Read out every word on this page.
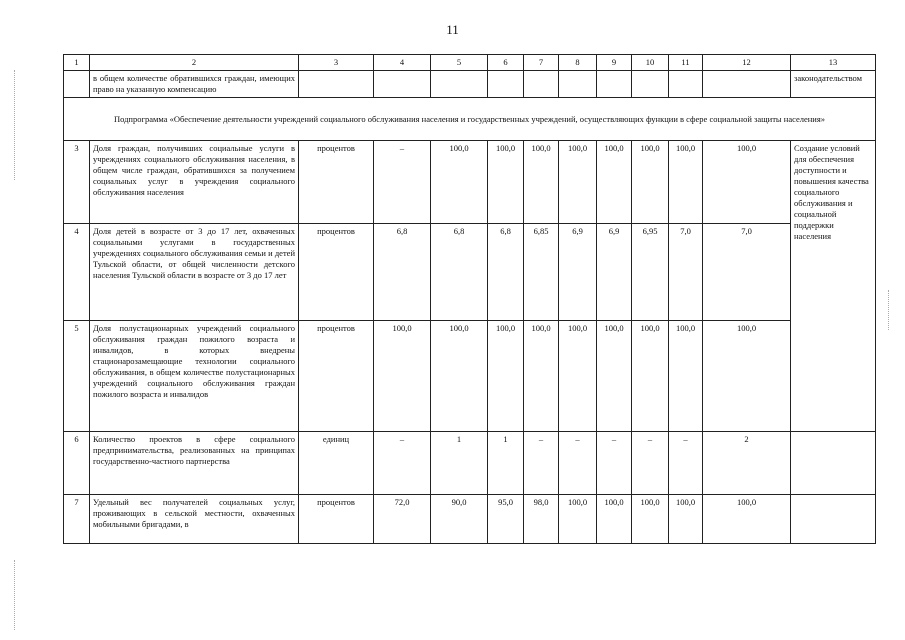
11
1	2	3	4	5	6	7	8	9	10	11	12	13
	в общем количестве обратившихся граждан, имеющих право на указанную компенсацию											законодательством
Подпрограмма «Обеспечение деятельности учреждений социального обслуживания населения и государственных учреждений, осуществляющих функции в сфере социальной защиты населения»												
3	Доля граждан, получивших социальные услуги в учреждениях социального обслуживания населения, в общем числе граждан, обратившихся за получением социальных услуг в учреждения социального обслуживания населения	процентов	–	100,0	100,0	100,0	100,0	100,0	100,0	100,0	100,0	Создание условий для обеспечения доступности и повышения качества социального обслуживания и социальной поддержки населения
4	Доля детей в возрасте от 3 до 17 лет, охваченных социальными услугами в государственных учреждениях социального обслуживания семьи и детей Тульской области, от общей численности детского населения Тульской области в возрасте от 3 до 17 лет	процентов	6,8	6,8	6,8	6,85	6,9	6,9	6,95	7,0	7,0	
5	Доля полустационарных учреждений социального обслуживания граждан пожилого возраста и инвалидов, в которых внедрены стационарозамещающие технологии социального обслуживания, в общем количестве полустационарных учреждений социального обслуживания граждан пожилого возраста и инвалидов	процентов	100,0	100,0	100,0	100,0	100,0	100,0	100,0	100,0	100,0	
6	Количество проектов в сфере социального предпринимательства, реализованных на принципах государственно-частного партнерства	единиц	–	1	1	–	–	–	–	–	2	
7	Удельный вес получателей социальных услуг, проживающих в сельской местности, охваченных мобильными бригадами, в	процентов	72,0	90,0	95,0	98,0	100,0	100,0	100,0	100,0	100,0	
